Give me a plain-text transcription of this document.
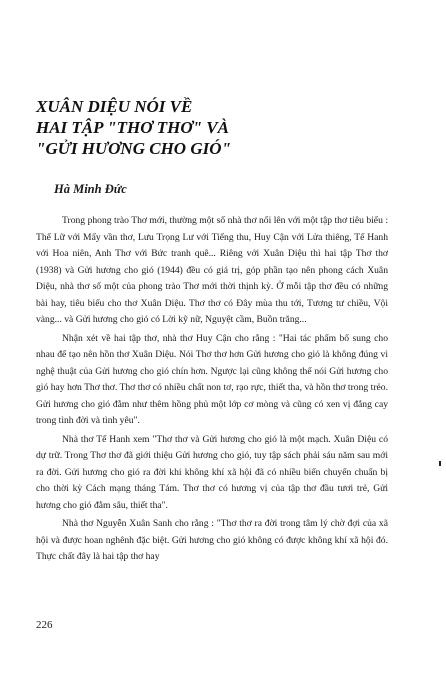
XUÂN DIỆU NÓI VỀ
HAI TẬP "THƠ THƠ" VÀ
"GỬI HƯƠNG CHO GIÓ"
Hà Minh Đức

Trong phong trào Thơ mới, thường một số nhà thơ nổi lên với một tập thơ tiêu biểu : Thế Lữ với Mấy vần thơ, Lưu Trọng Lư với Tiếng thu, Huy Cận với Lửa thiêng, Tế Hanh với Hoa niên, Anh Thơ với Bức tranh quê... Riêng với Xuân Diệu thì hai tập Thơ thơ (1938) và Gửi hương cho gió (1944) đều có giá trị, góp phần tạo nên phong cách Xuân Diệu, nhà thơ số một của phong trào Thơ mới thời thịnh kỳ. Ở mỗi tập thơ đều có những bài hay, tiêu biểu cho thơ Xuân Diệu. Thơ thơ có Đây mùa thu tới, Tương tư chiều, Vội vàng... và Gửi hương cho gió có Lời kỹ nữ, Nguyệt cầm, Buồn trăng...

Nhận xét về hai tập thơ, nhà thơ Huy Cận cho rằng : "Hai tác phẩm bổ sung cho nhau để tạo nên hồn thơ Xuân Diệu. Nói Thơ thơ hơn Gửi hương cho gió là không đúng vì nghệ thuật của Gửi hương cho gió chín hơn. Ngược lại cũng không thể nói Gửi hương cho gió hay hơn Thơ thơ. Thơ thơ có nhiều chất non tơ, rạo rực, thiết tha, và hồn thơ trong trẻo. Gửi hương cho gió đằm như thêm hồng phủ một lớp cơ mòng và cũng có xen vị đắng cay trong tình đời và tình yêu".

Nhà thơ Tế Hanh xem "Thơ thơ và Gửi hương cho gió là một mạch. Xuân Diệu có dự trữ. Trong Thơ thơ đã giới thiệu Gửi hương cho gió, tuy tập sách phải sáu năm sau mới ra đời. Gửi hương cho gió ra đời khi không khí xã hội đã có nhiều biến chuyển chuẩn bị cho thời kỳ Cách mạng tháng Tám. Thơ thơ có hương vị của tập thơ đầu tươi trẻ, Gửi hương cho gió đằm sâu, thiết tha".

Nhà thơ Nguyễn Xuân Sanh cho rằng : "Thơ thơ ra đời trong tâm lý chờ đợi của xã hội và được hoan nghênh đặc biệt. Gửi hương cho gió không có được không khí xã hội đó. Thực chất đây là hai tập thơ hay

226
